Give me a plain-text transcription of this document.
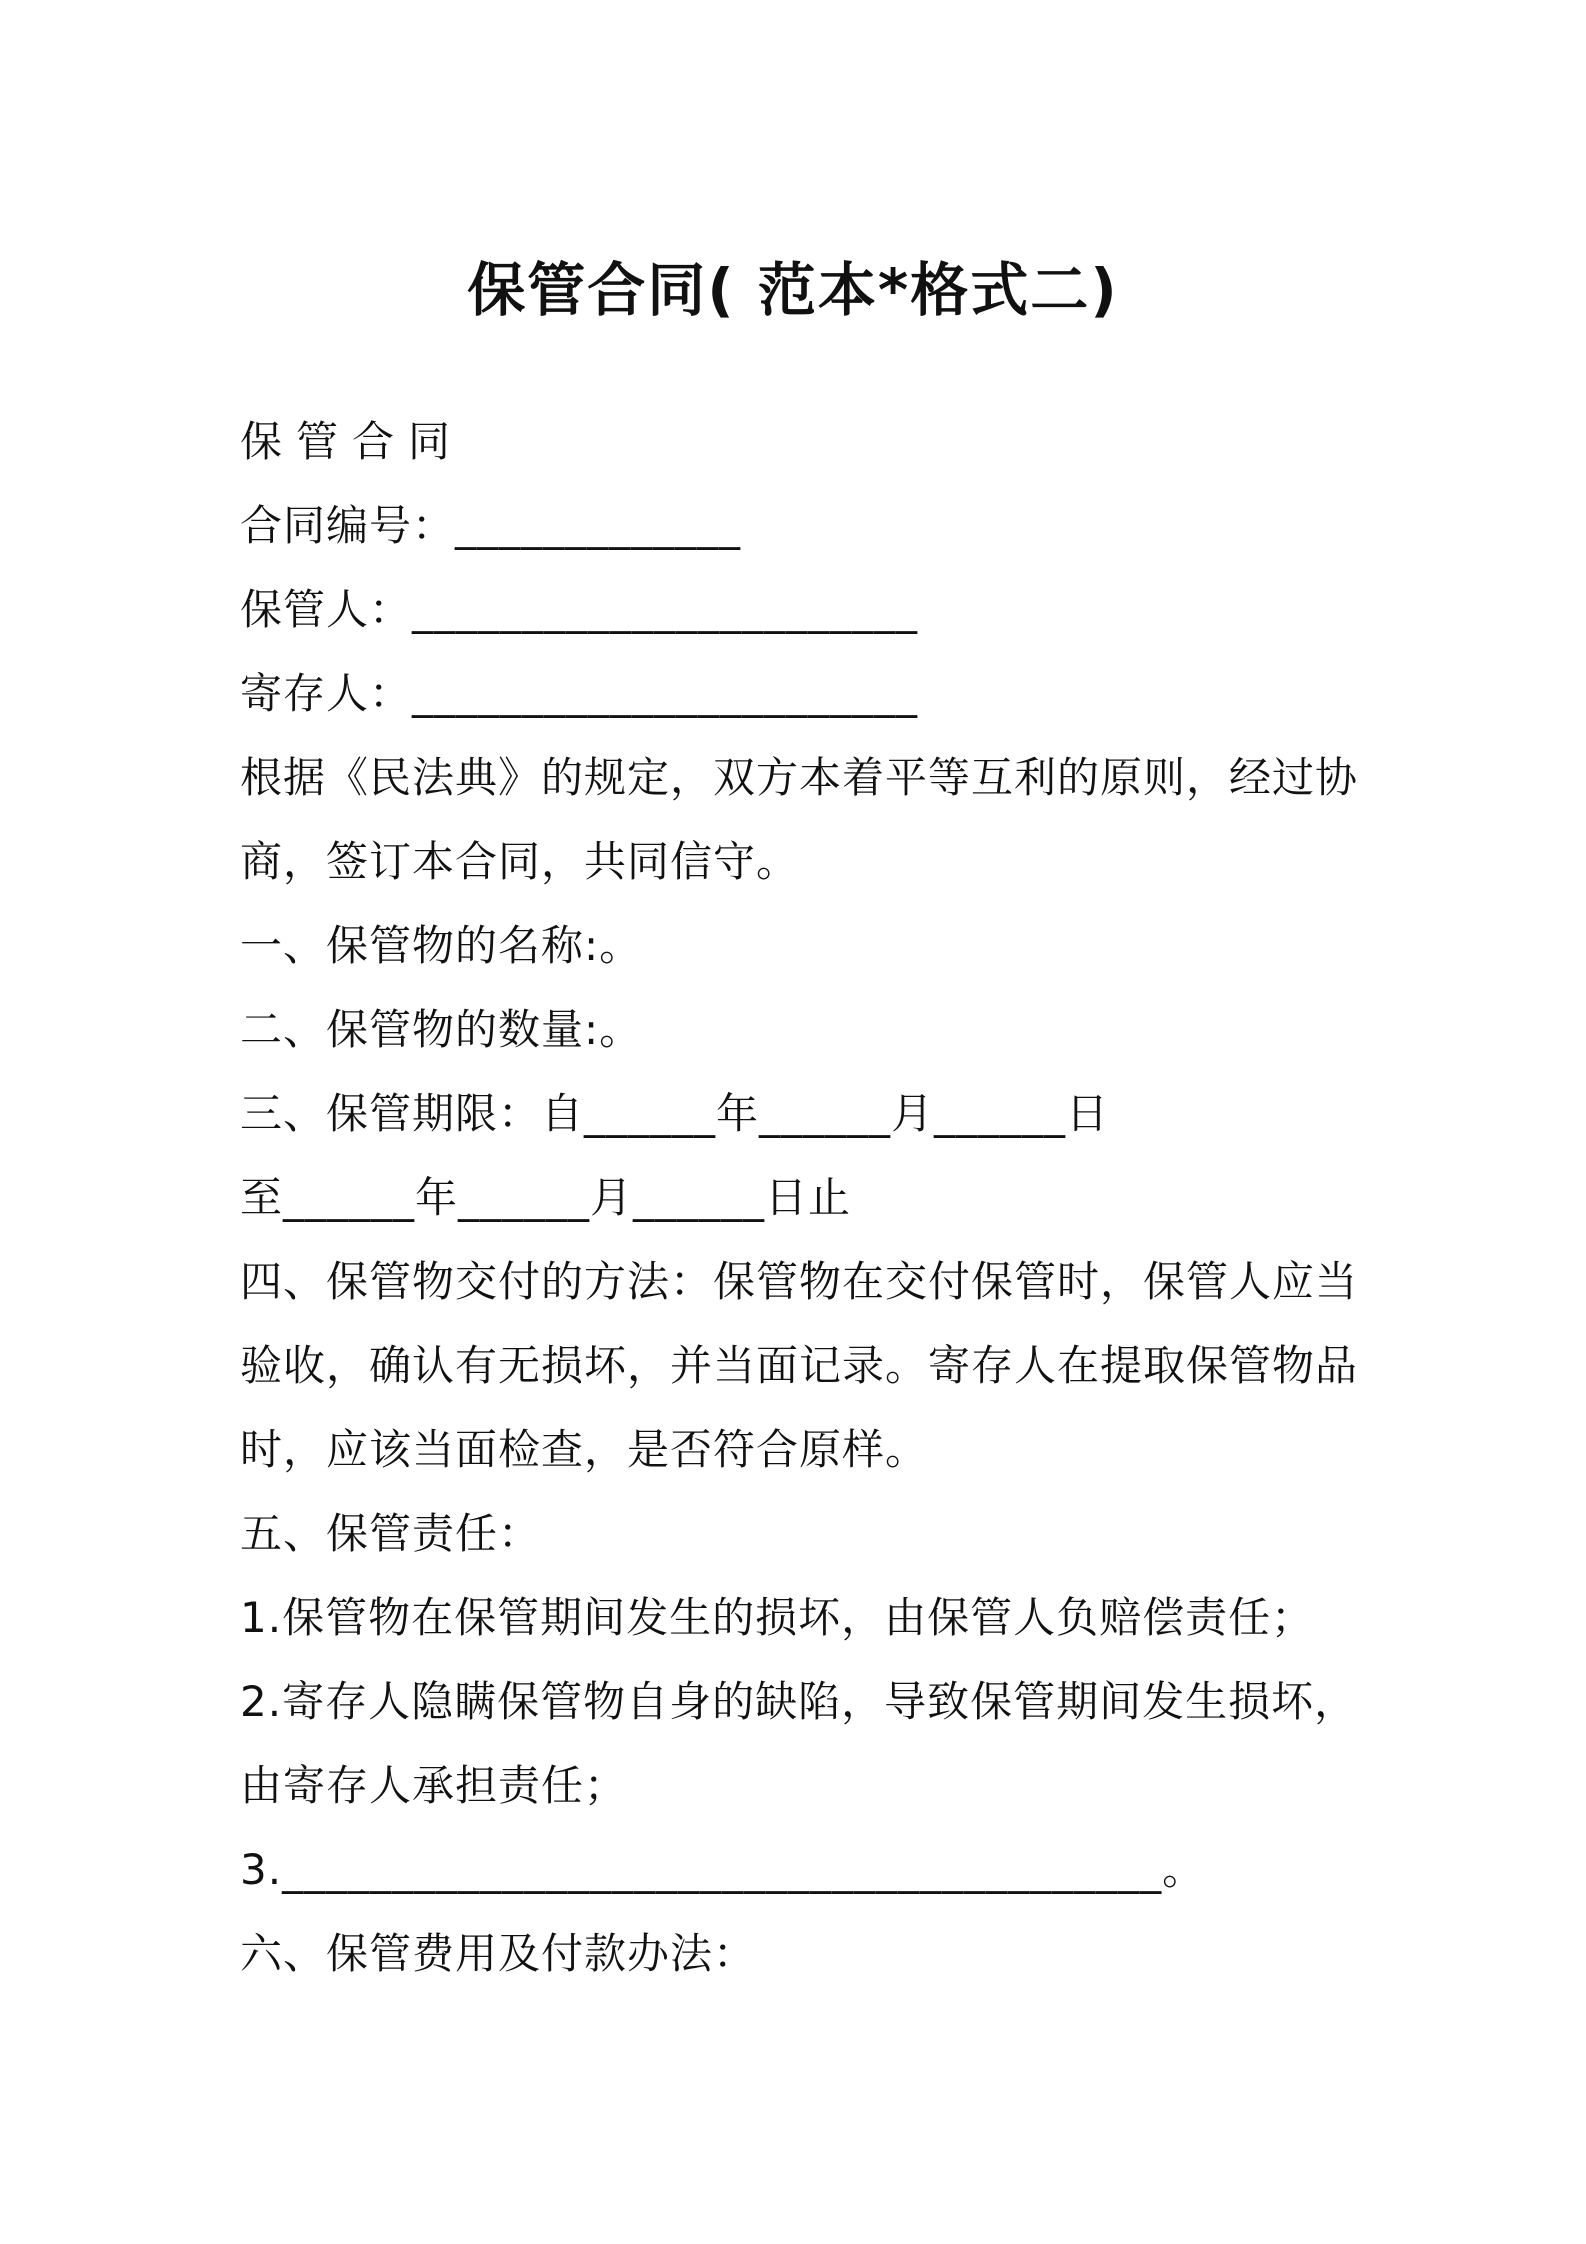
保管合同( 范本*格式二)
保管合同
合同编号：_____________
保管人：_______________________
寄存人：_______________________
根据《民法典》的规定，双方本着平等互利的原则，经过协
商，签订本合同，共同信守。
一、保管物的名称:。
二、保管物的数量:。
三、保管期限：自______年______月______日
至______年______月______日止
四、保管物交付的方法：保管物在交付保管时，保管人应当
验收，确认有无损坏，并当面记录。寄存人在提取保管物品
时，应该当面检查，是否符合原样。
五、保管责任：
1.保管物在保管期间发生的损坏，由保管人负赔偿责任；
2.寄存人隐瞒保管物自身的缺陷，导致保管期间发生损坏，
由寄存人承担责任；
3.________________________________________。
六、保管费用及付款办法：
